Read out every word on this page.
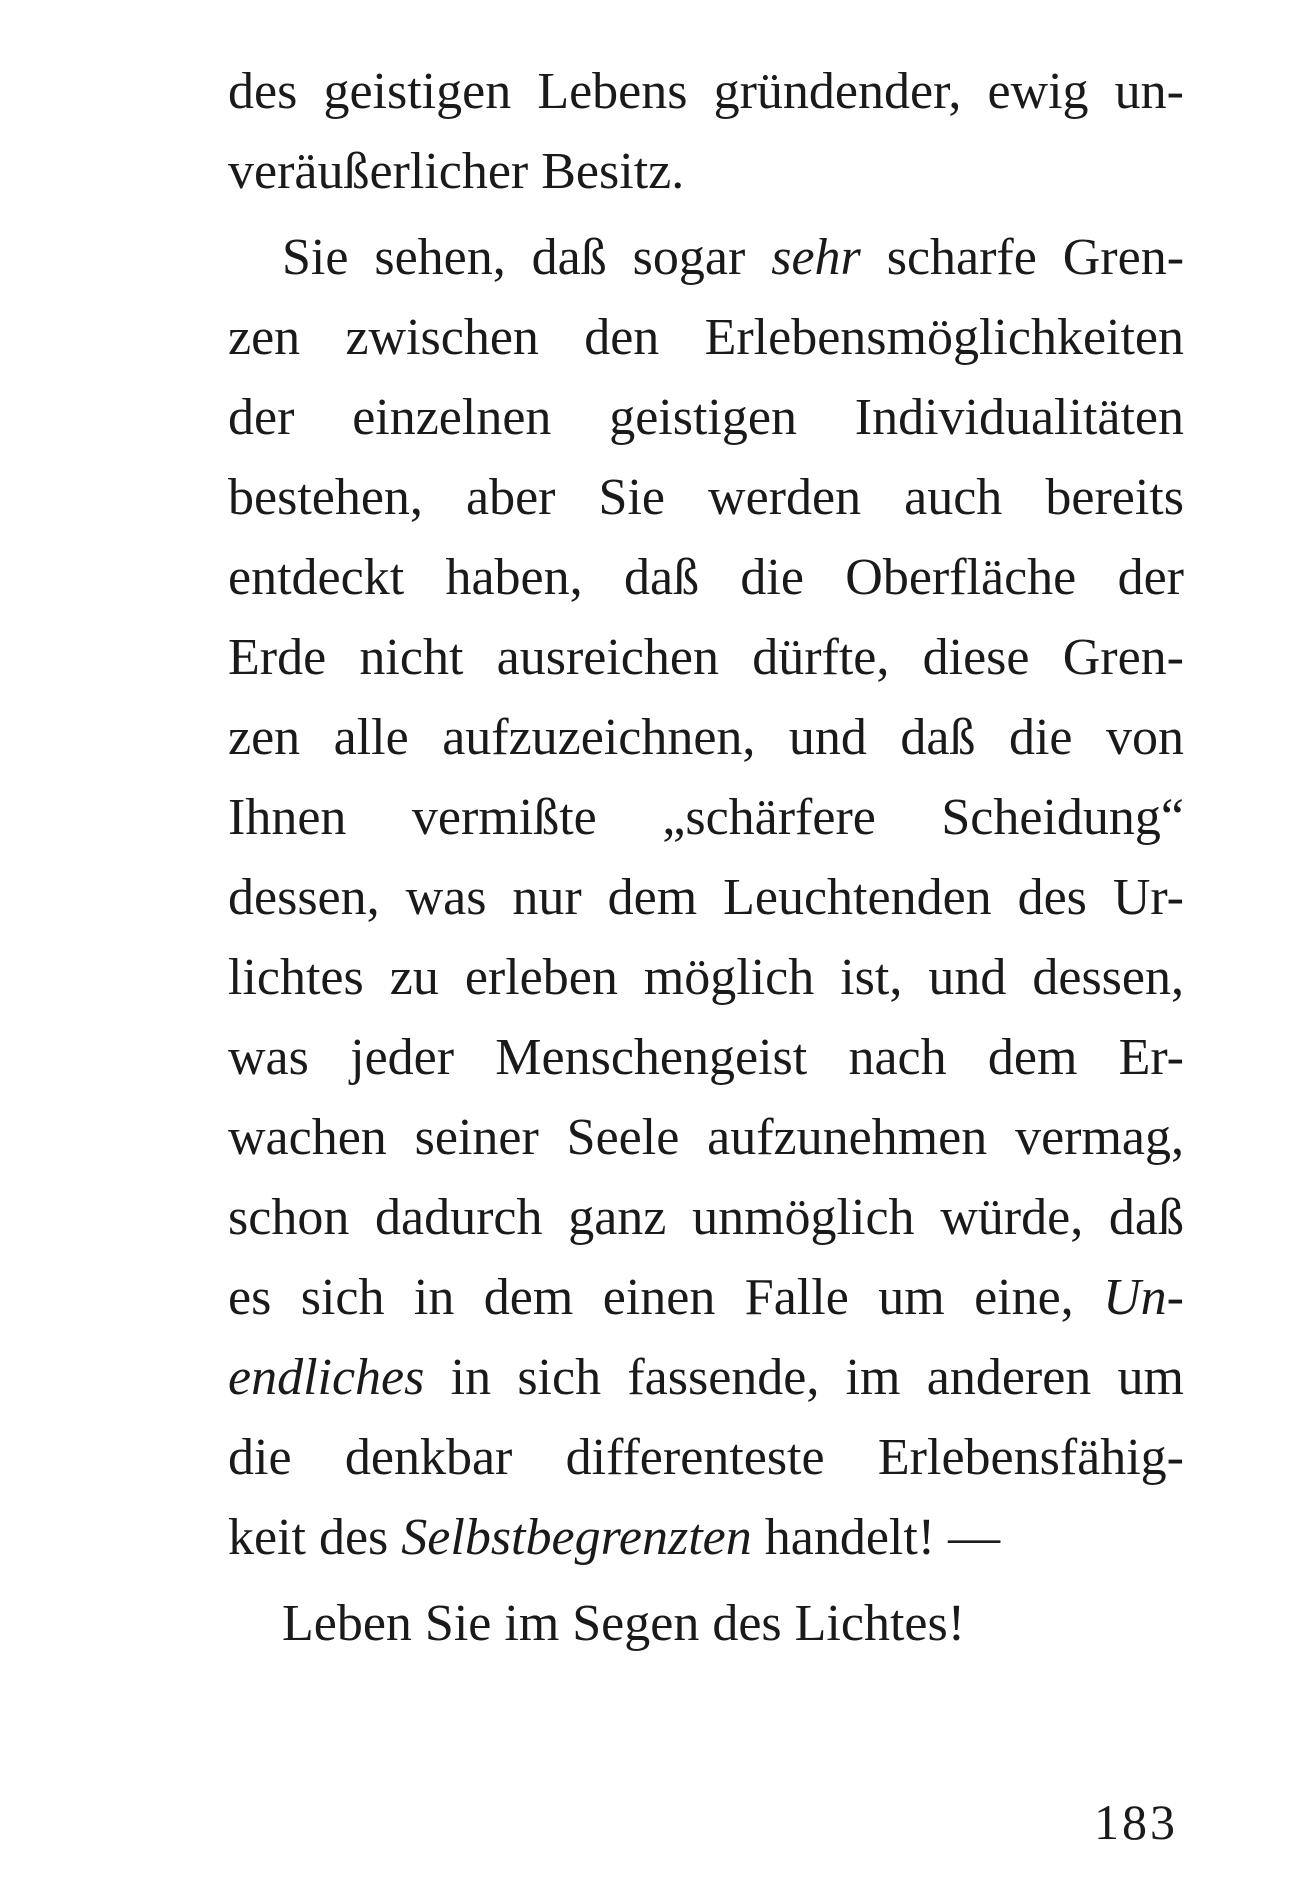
des geistigen Lebens gründender, ewig un-
veräußerlicher Besitz.
Sie sehen, daß sogar sehr scharfe Gren-
zen zwischen den Erlebensmöglichkeiten
der einzelnen geistigen Individualitäten
bestehen, aber Sie werden auch bereits
entdeckt haben, daß die Oberfläche der
Erde nicht ausreichen dürfte, diese Gren-
zen alle aufzuzeichnen, und daß die von
Ihnen vermißte „schärfere Scheidung“
dessen, was nur dem Leuchtenden des Ur-
lichtes zu erleben möglich ist, und dessen,
was jeder Menschengeist nach dem Er-
wachen seiner Seele aufzunehmen vermag,
schon dadurch ganz unmöglich würde, daß
es sich in dem einen Falle um eine, Un-
endliches in sich fassende, im anderen um
die denkbar differenteste Erlebensfähig-
keit des Selbstbegrenzten handelt! —
Leben Sie im Segen des Lichtes!
183
